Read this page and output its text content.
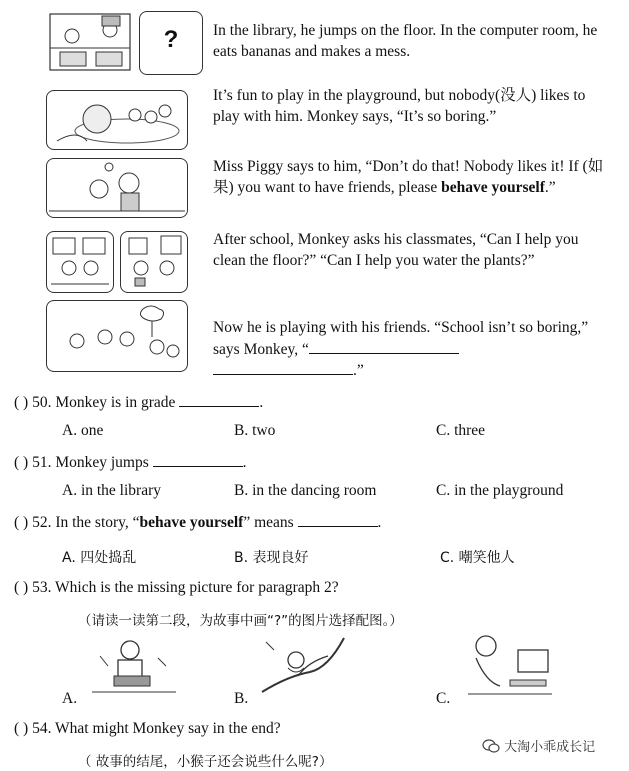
?	In the library, he jumps on the floor. In the computer room, he eats bananas and makes a mess.
It’s fun to play in the playground, but nobody(没人) likes to play with him. Monkey says, “It’s so boring.”
Miss Piggy says to him, “Don’t do that! Nobody likes it! If (如果) you want to have friends, please behave yourself.”
After school, Monkey asks his classmates, “Can I help you clean the floor?” “Can I help you water the plants?”
Now he is playing with his friends. “School isn’t so boring,” says Monkey, “
.”
( ) 50. Monkey is in grade	.
A. one	B. two	C. three
( ) 51. Monkey jumps	.
A. in the library	B. in the dancing room	C. in the playground
( ) 52. In the story, “behave yourself” means	.
A. 四处捣乱	B. 表现良好	C. 嘲笑他人
( ) 53. Which is the missing picture for paragraph 2?
（请读一读第二段，为故事中画“?”的图片选择配图。）
A.	B.	C.
( ) 54. What might Monkey say in the end?
（ 故事的结尾，小猴子还会说些什么呢?）
大淘小乖成长记
